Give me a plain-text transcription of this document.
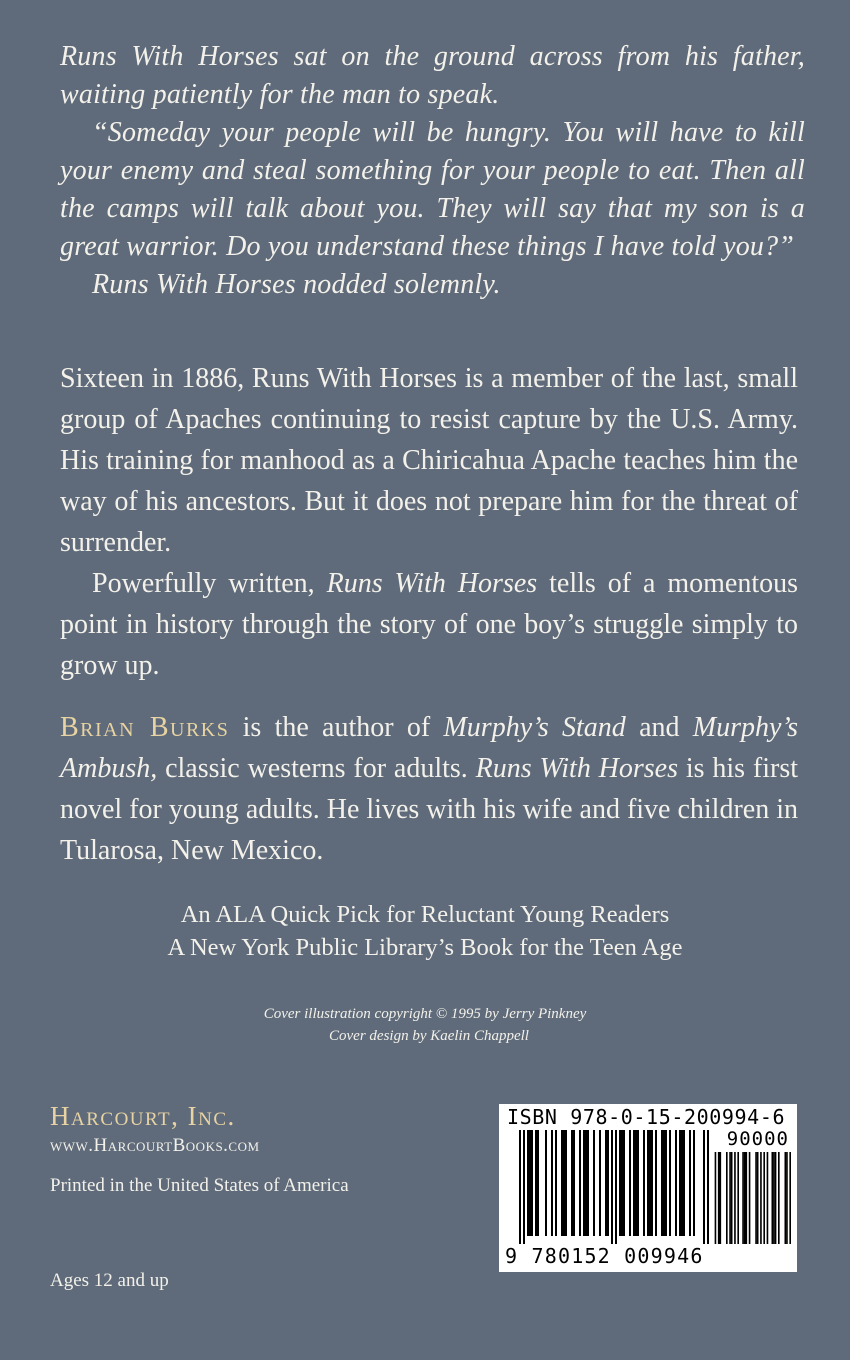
Runs With Horses sat on the ground across from his father, waiting patiently for the man to speak.

“Someday your people will be hungry. You will have to kill your enemy and steal something for your people to eat. Then all the camps will talk about you. They will say that my son is a great warrior. Do you understand these things I have told you?”

Runs With Horses nodded solemnly.

Sixteen in 1886, Runs With Horses is a member of the last, small group of Apaches continuing to resist capture by the U.S. Army. His training for manhood as a Chiricahua Apache teaches him the way of his ancestors. But it does not prepare him for the threat of surrender.

Powerfully written, Runs With Horses tells of a momentous point in history through the story of one boy’s struggle simply to grow up.

Brian Burks is the author of Murphy’s Stand and Murphy’s Ambush, classic westerns for adults. Runs With Horses is his first novel for young adults. He lives with his wife and five children in Tularosa, New Mexico.

An ALA Quick Pick for Reluctant Young Readers
A New York Public Library’s Book for the Teen Age
Cover illustration copyright © 1995 by Jerry Pinkney
Cover design by Kaelin Chappell
Harcourt, Inc.
www.HarcourtBooks.com
Printed in the United States of America
Ages 12 and up
ISBN 978-0-15-200994-6
90000
9 780152 009946
